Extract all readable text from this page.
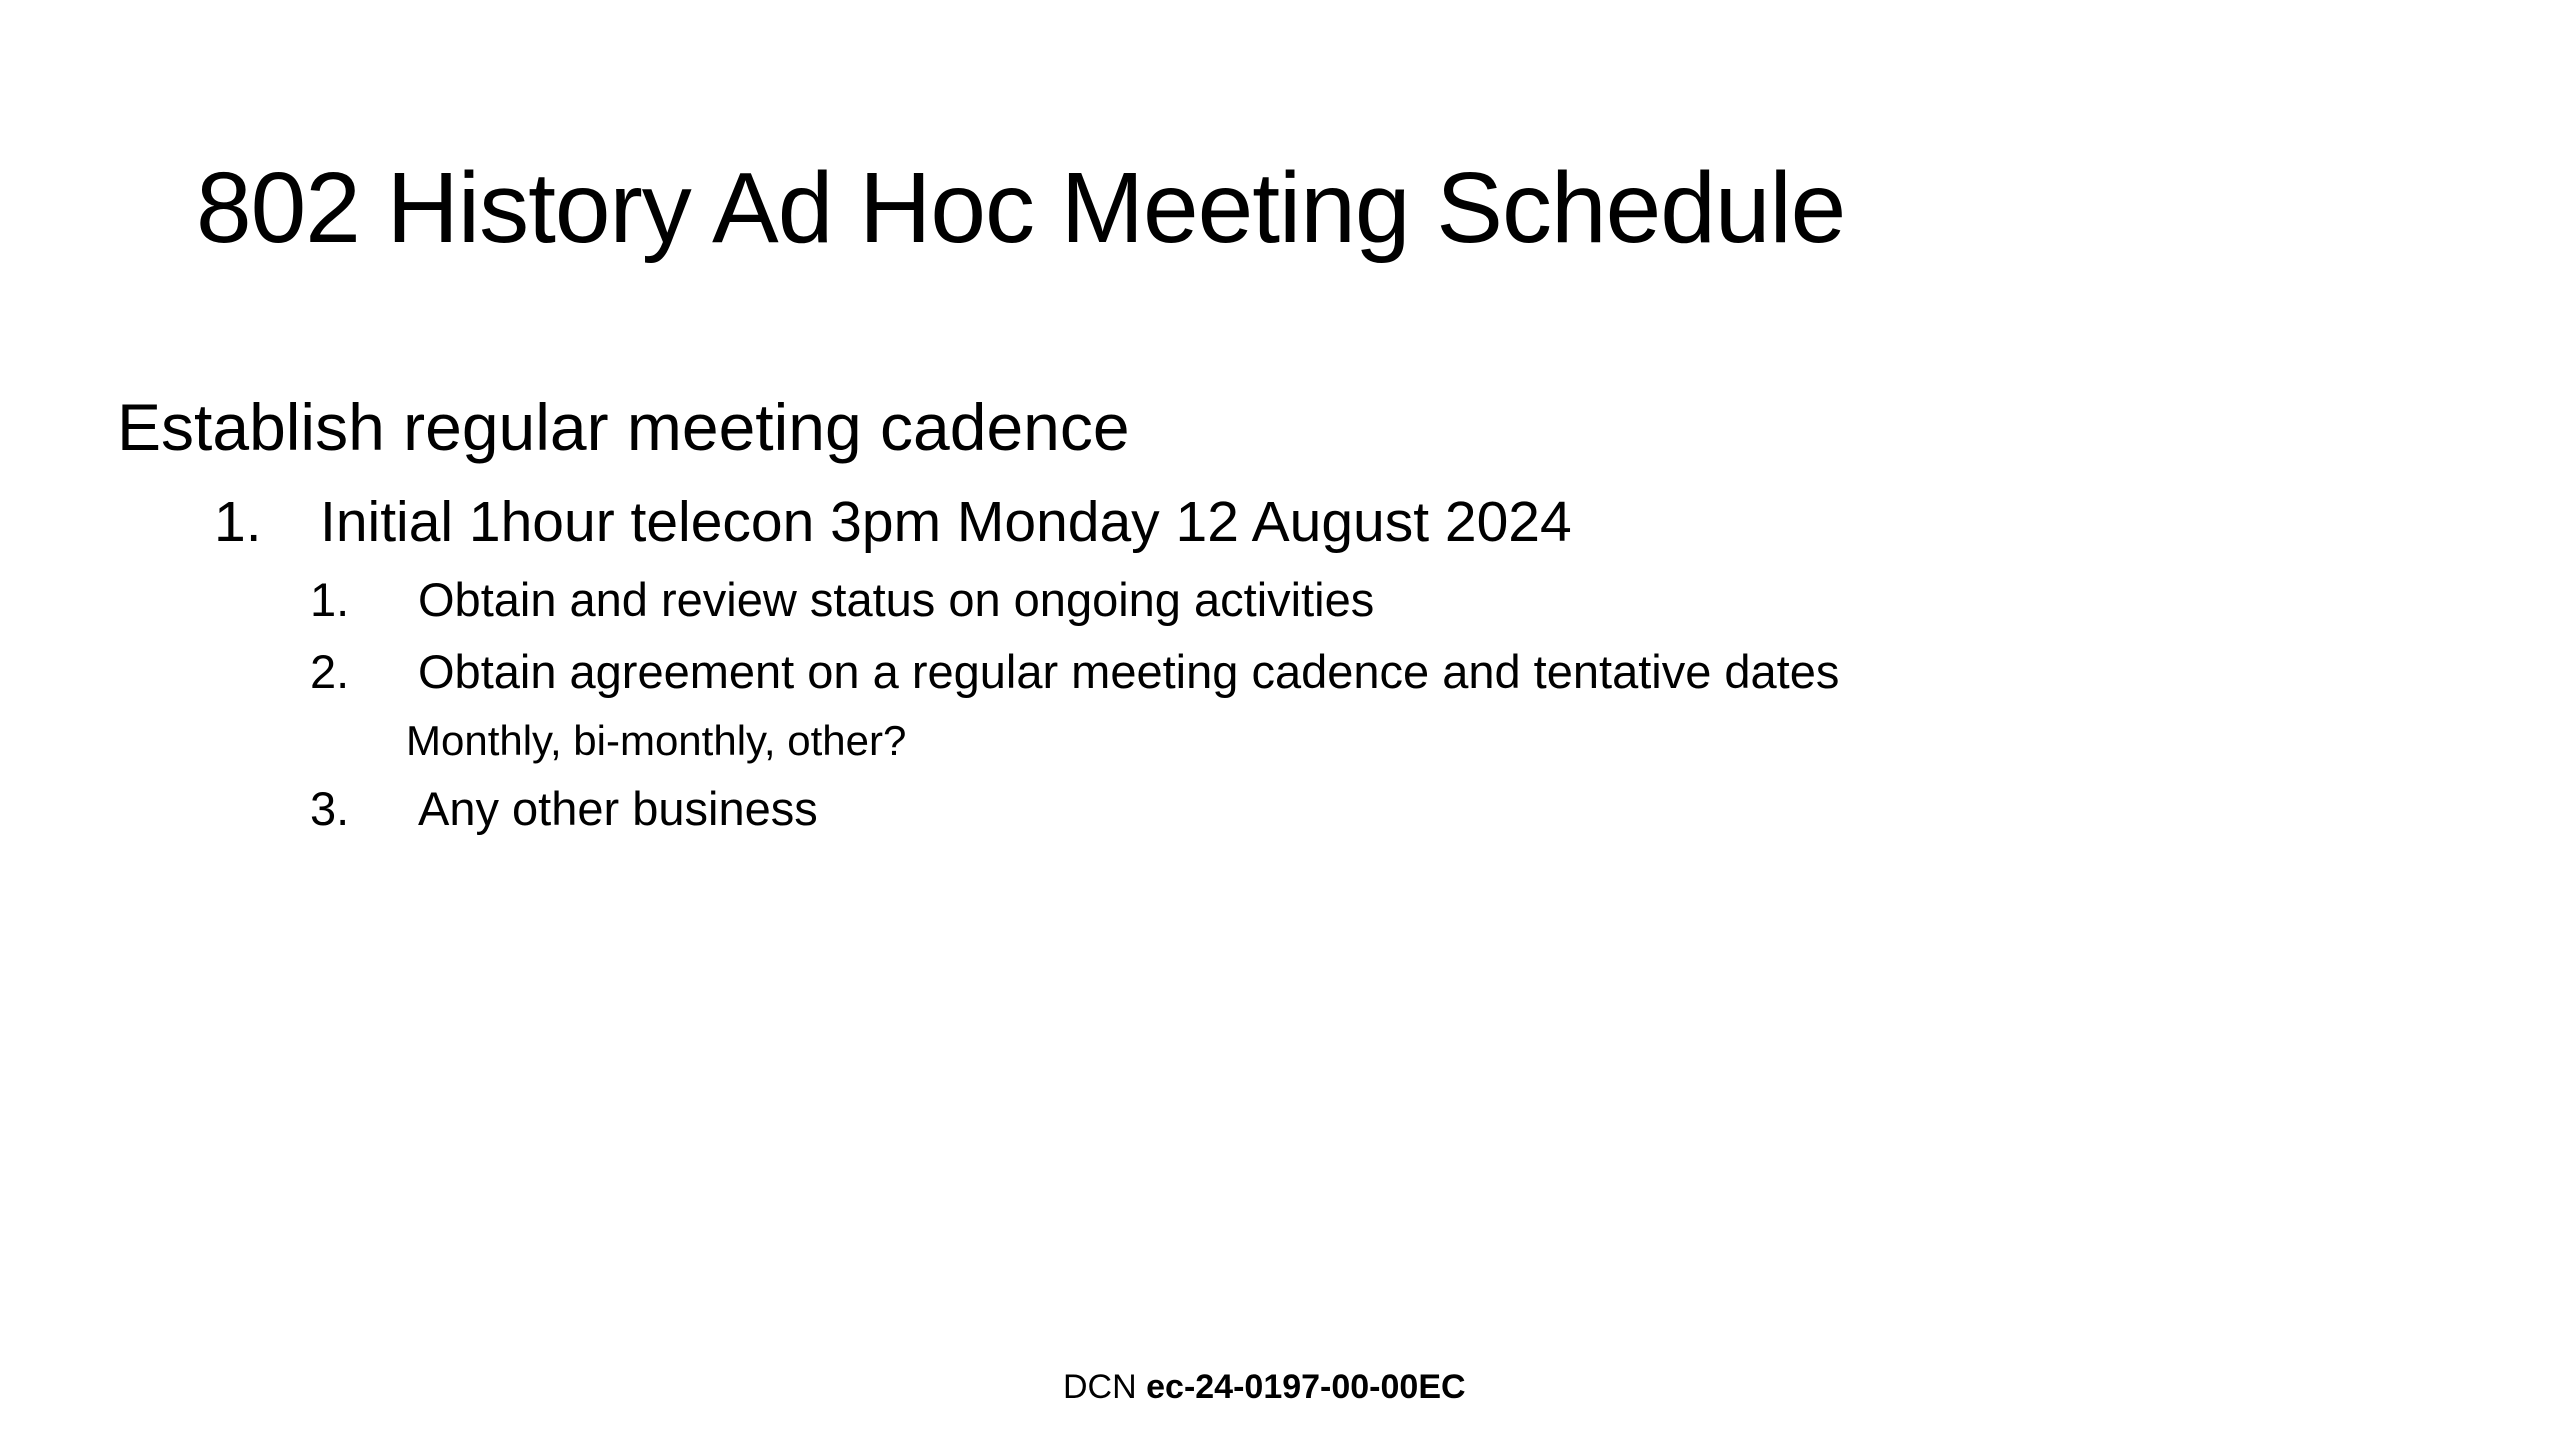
802 History Ad Hoc Meeting Schedule
Establish regular meeting cadence
1. Initial 1hour telecon 3pm Monday 12 August 2024
1. Obtain and review status on ongoing activities
2. Obtain agreement on a regular meeting cadence and tentative dates
Monthly, bi-monthly, other?
3. Any other business
DCN ec-24-0197-00-00EC
